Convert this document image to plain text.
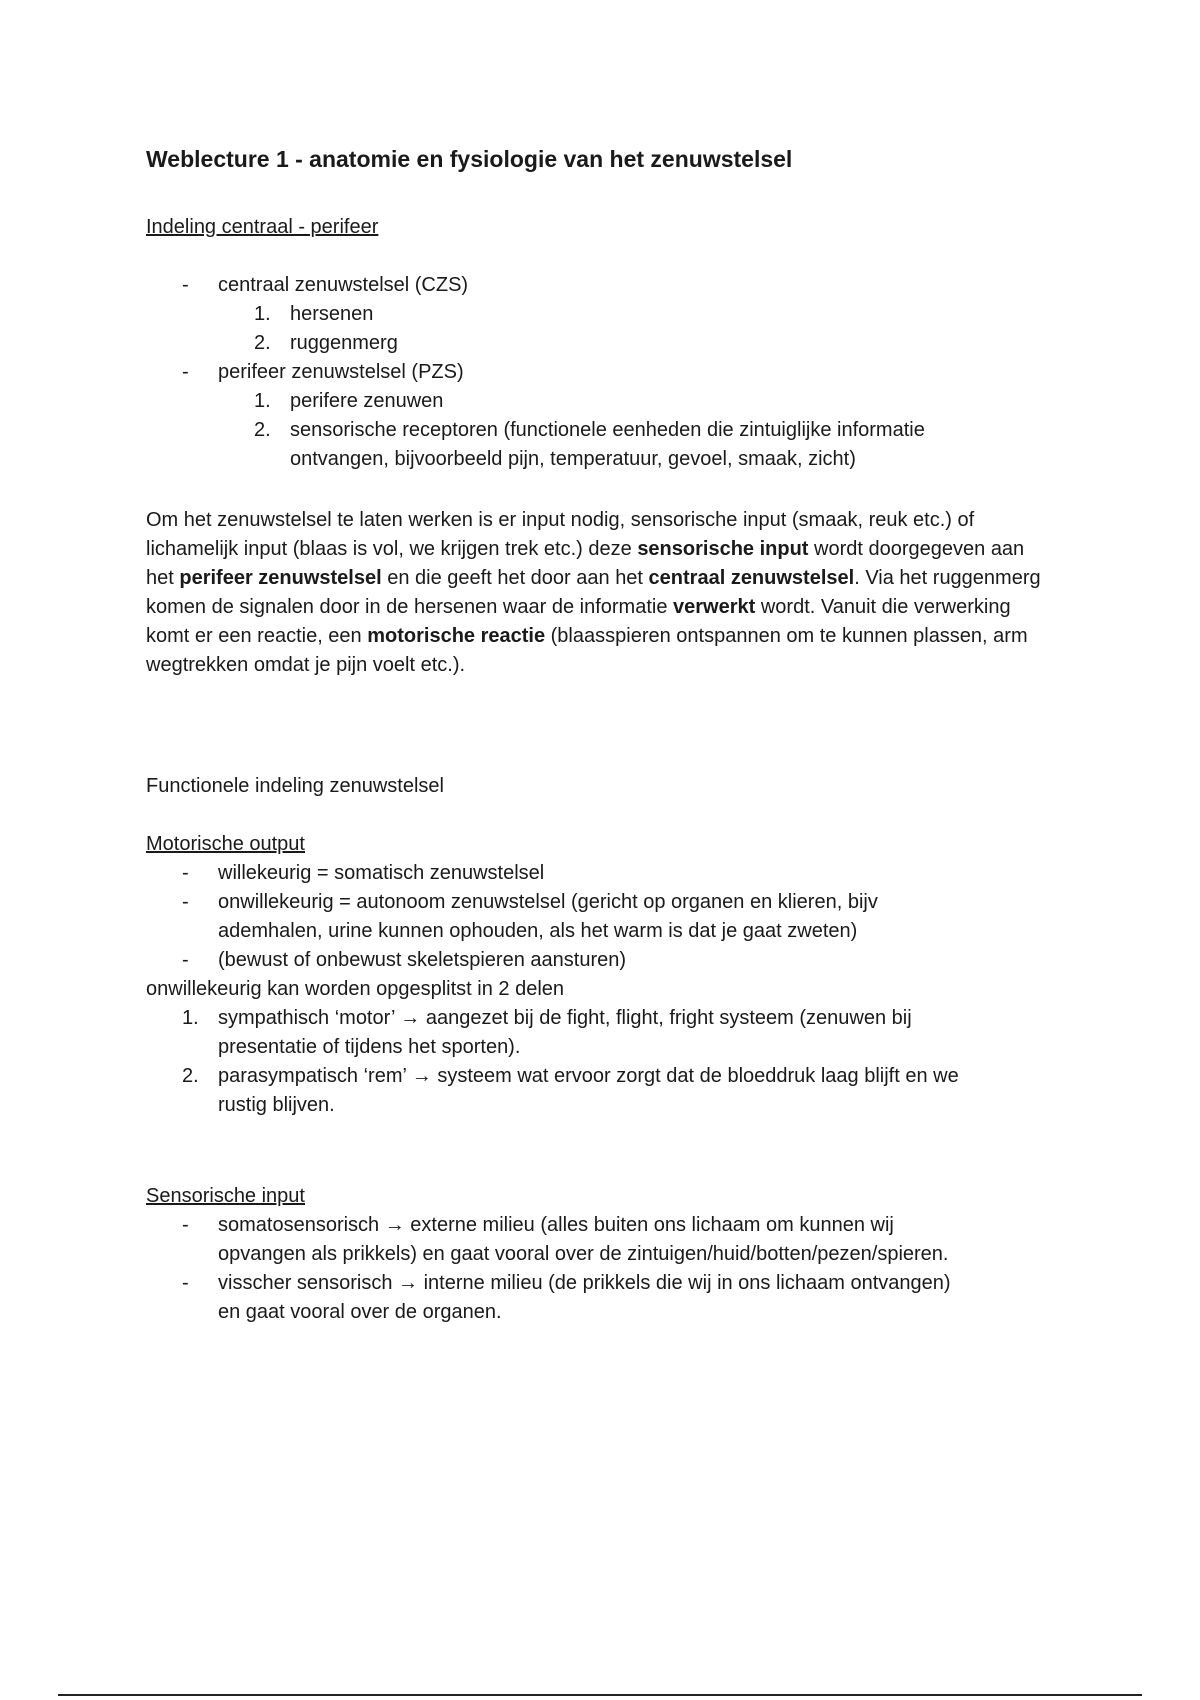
Weblecture 1 - anatomie en fysiologie van het zenuwstelsel

Indeling centraal - perifeer

- centraal zenuwstelsel (CZS)

1. hersenen

2. ruggenmerg

- perifeer zenuwstelsel (PZS)

1. perifere zenuwen

2. sensorische receptoren (functionele eenheden die zintuiglijke informatie

ontvangen, bijvoorbeeld pijn, temperatuur, gevoel, smaak, zicht)

Om het zenuwstelsel te laten werken is er input nodig, sensorische input (smaak, reuk etc.) of lichamelijk input (blaas is vol, we krijgen trek etc.) deze sensorische input wordt doorgegeven aan het perifeer zenuwstelsel en die geeft het door aan het centraal zenuwstelsel. Via het ruggenmerg komen de signalen door in de hersenen waar de informatie verwerkt wordt. Vanuit die verwerking komt er een reactie, een motorische reactie (blaasspieren ontspannen om te kunnen plassen, arm wegtrekken omdat je pijn voelt etc.).

Functionele indeling zenuwstelsel

Motorische output

- willekeurig = somatisch zenuwstelsel

- onwillekeurig = autonoom zenuwstelsel (gericht op organen en klieren, bijv

ademhalen, urine kunnen ophouden, als het warm is dat je gaat zweten)

- (bewust of onbewust skeletspieren aansturen)

onwillekeurig kan worden opgesplitst in 2 delen

1. sympathisch ‘motor’ → aangezet bij de fight, flight, fright systeem (zenuwen bij

presentatie of tijdens het sporten).

2. parasympatisch ‘rem’ → systeem wat ervoor zorgt dat de bloeddruk laag blijft en we

rustig blijven.

Sensorische input

- somatosensorisch → externe milieu (alles buiten ons lichaam om kunnen wij

opvangen als prikkels) en gaat vooral over de zintuigen/huid/botten/pezen/spieren.

- visscher sensorisch → interne milieu (de prikkels die wij in ons lichaam ontvangen)

en gaat vooral over de organen.
